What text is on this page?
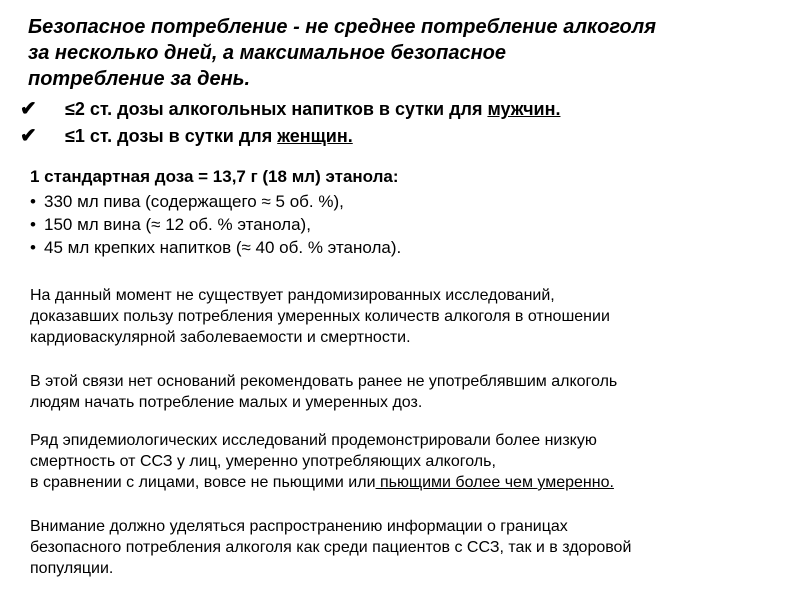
Безопасное потребление - не среднее потребление алкоголя
за несколько дней, а максимальное безопасное
потребление за день.
✔	≤2 ст. дозы алкогольных напитков в сутки для мужчин.
✔	≤1 ст. дозы в сутки для женщин.

1 стандартная доза = 13,7 г (18 мл) этанола:

• 330 мл пива (содержащего ≈ 5 об. %),
• 150 мл вина (≈ 12 об. % этанола),
• 45 мл крепких напитков (≈ 40 об. % этанола).

На данный момент не существует рандомизированных исследований,
доказавших пользу потребления умеренных количеств алкоголя в отношении
кардиоваскулярной заболеваемости и смертности.

В этой связи нет оснований рекомендовать ранее не употреблявшим алкоголь
людям начать потребление малых и умеренных доз.

Ряд эпидемиологических исследований продемонстрировали более низкую
смертность от ССЗ у лиц, умеренно употребляющих алкоголь,
в сравнении с лицами, вовсе не пьющими или пьющими более чем умеренно.

Внимание должно уделяться распространению информации о границах
безопасного потребления алкоголя как среди пациентов с ССЗ, так и в здоровой
популяции.
